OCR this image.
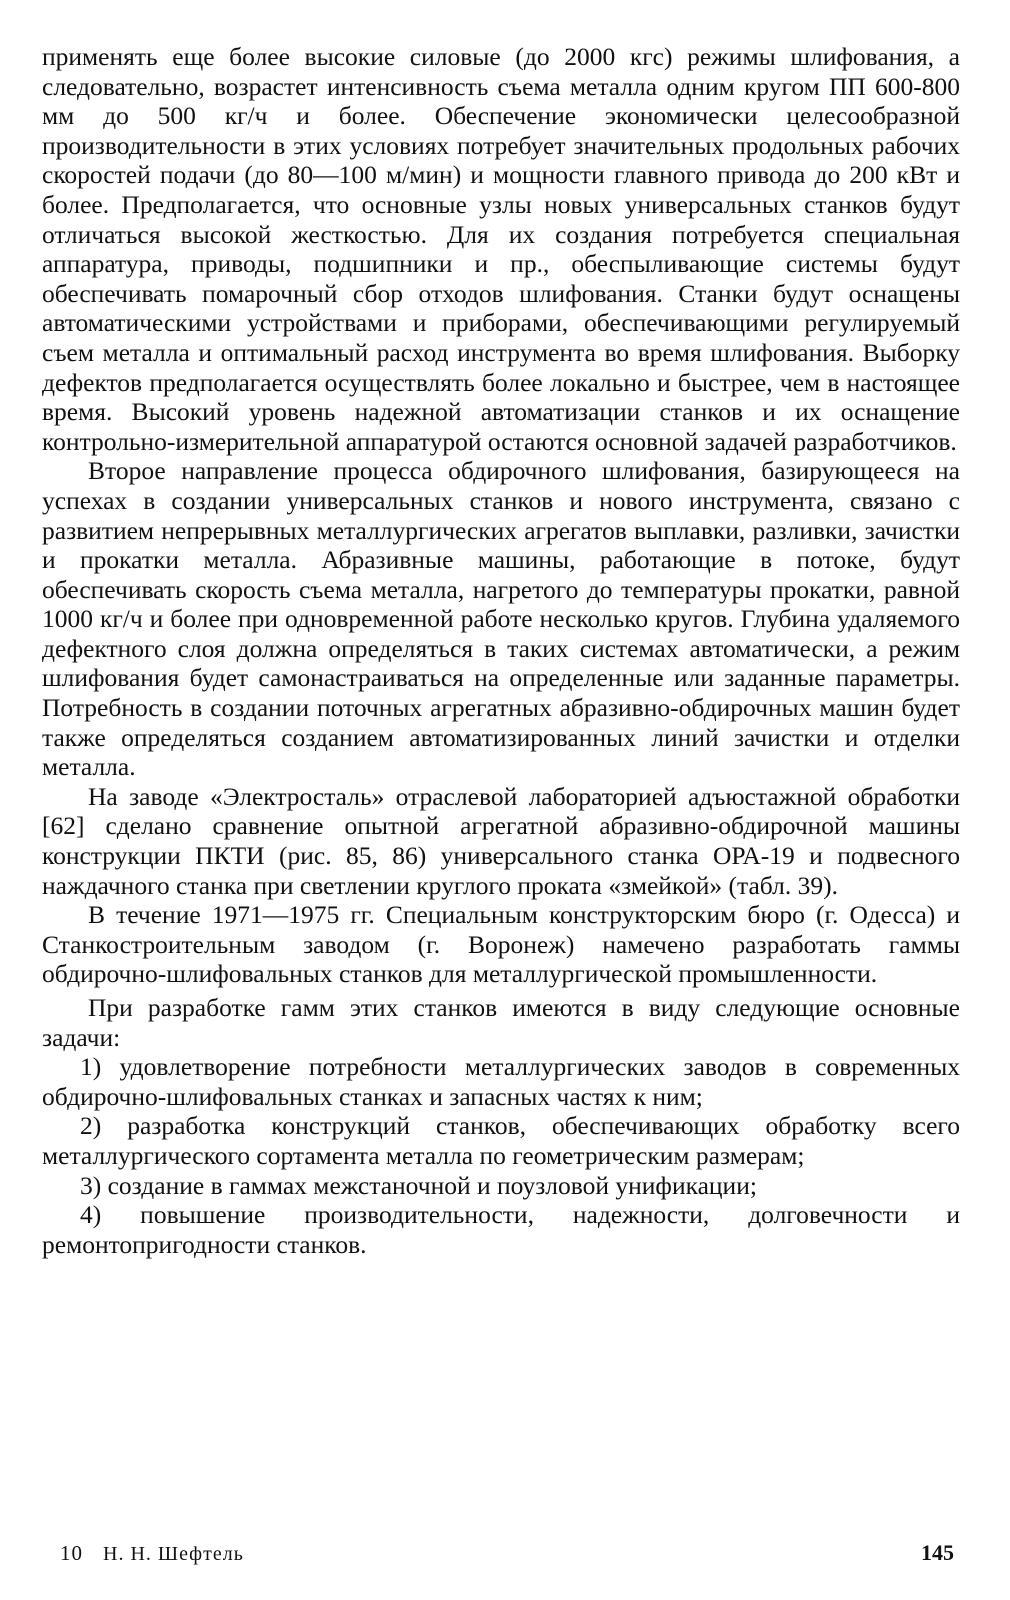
применять еще более высокие силовые (до 2000 кгс) режимы шлифования, а следовательно, возрастет интенсивность съема металла одним кругом ПП 600-800 мм до 500 кг/ч и более. Обеспечение экономически целесообразной производительности в этих условиях потребует значительных продольных рабочих скоростей подачи (до 80—100 м/мин) и мощности главного привода до 200 кВт и более. Предполагается, что основные узлы новых универсальных станков будут отличаться высокой жесткостью. Для их создания потребуется специальная аппаратура, приводы, подшипники и пр., обеспыливающие системы будут обеспечивать помарочный сбор отходов шлифования. Станки будут оснащены автоматическими устройствами и приборами, обеспечивающими регулируемый съем металла и оптимальный расход инструмента во время шлифования. Выборку дефектов предполагается осуществлять более локально и быстрее, чем в настоящее время. Высокий уровень надежной автоматизации станков и их оснащение контрольно-измерительной аппаратурой остаются основной задачей разработчиков.

Второе направление процесса обдирочного шлифования, базирующееся на успехах в создании универсальных станков и нового инструмента, связано с развитием непрерывных металлургических агрегатов выплавки, разливки, зачистки и прокатки металла. Абразивные машины, работающие в потоке, будут обеспечивать скорость съема металла, нагретого до температуры прокатки, равной 1000 кг/ч и более при одновременной работе несколько кругов. Глубина удаляемого дефектного слоя должна определяться в таких системах автоматически, а режим шлифования будет самонастраиваться на определенные или заданные параметры. Потребность в создании поточных агрегатных абразивно-обдирочных машин будет также определяться созданием автоматизированных линий зачистки и отделки металла.

На заводе «Электросталь» отраслевой лабораторией адъюстажной обработки [62] сделано сравнение опытной агрегатной абразивно-обдирочной машины конструкции ПКТИ (рис. 85, 86) универсального станка ОРА-19 и подвесного наждачного станка при светлении круглого проката «змейкой» (табл. 39).

В течение 1971—1975 гг. Специальным конструкторским бюро (г. Одесса) и Станкостроительным заводом (г. Воронеж) намечено разработать гаммы обдирочно-шлифовальных станков для металлургической промышленности.

При разработке гамм этих станков имеются в виду следующие основные задачи:

1) удовлетворение потребности металлургических заводов в современных обдирочно-шлифовальных станках и запасных частях к ним;

2) разработка конструкций станков, обеспечивающих обработку всего металлургического сортамента металла по геометрическим размерам;

3) создание в гаммах межстаночной и поузловой унификации;

4) повышение производительности, надежности, долговечности и ремонтопригодности станков.

10 Н. Н. Шефтель	145
